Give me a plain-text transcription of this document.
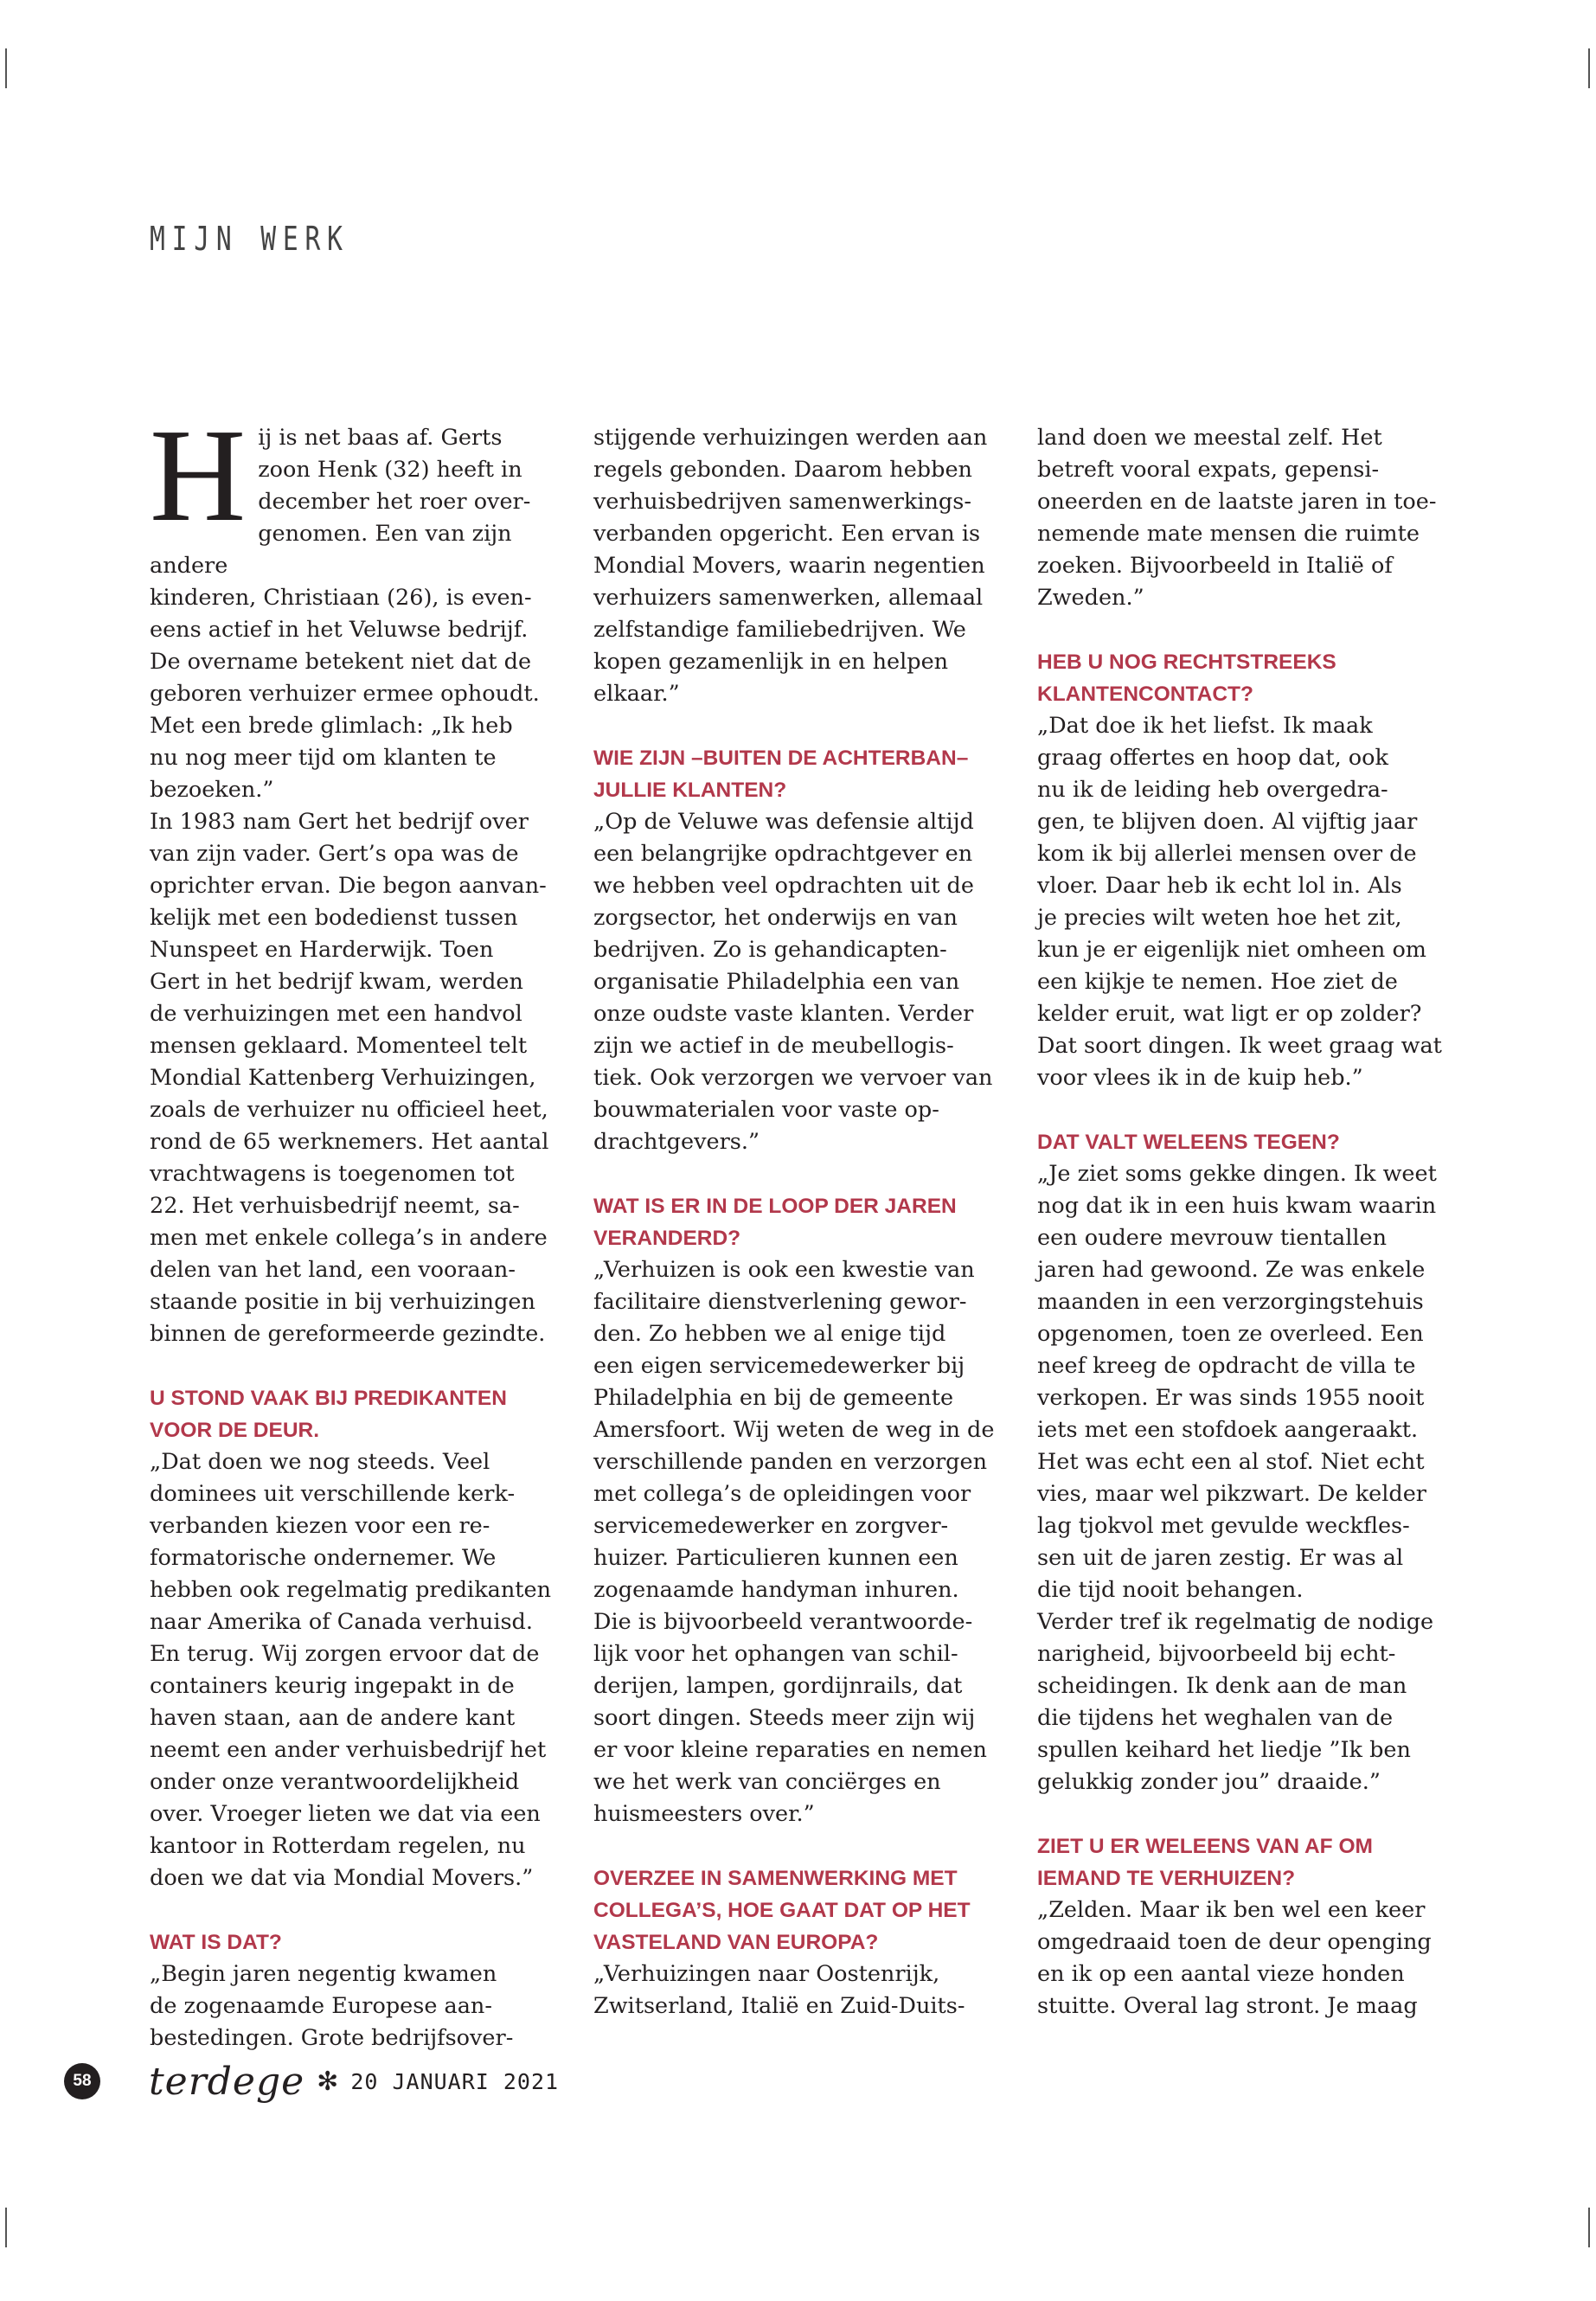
MIJN WERK
H ij is net baas af. Gerts
zoon Henk (32) heeft in
december het roer over-
genomen. Een van zijn andere
kinderen, Christiaan (26), is even-
eens actief in het Veluwse bedrijf.
De overname betekent niet dat de
geboren verhuizer ermee ophoudt.
Met een brede glimlach: „Ik heb
nu nog meer tijd om klanten te
bezoeken.”
In 1983 nam Gert het bedrijf over
van zijn vader. Gert’s opa was de
oprichter ervan. Die begon aanvan-
kelijk met een bodedienst tussen
Nunspeet en Harderwijk. Toen
Gert in het bedrijf kwam, werden
de verhuizingen met een handvol
mensen geklaard. Momenteel telt
Mondial Kattenberg Verhuizingen,
zoals de verhuizer nu officieel heet,
rond de 65 werknemers. Het aantal
vrachtwagens is toegenomen tot
22. Het verhuisbedrijf neemt, sa-
men met enkele collega’s in andere
delen van het land, een vooraan-
staande positie in bij verhuizingen
binnen de gereformeerde gezindte.

U STOND VAAK BIJ PREDIKANTEN
VOOR DE DEUR.

„Dat doen we nog steeds. Veel
dominees uit verschillende kerk-
verbanden kiezen voor een re-
formatorische ondernemer. We
hebben ook regelmatig predikanten
naar Amerika of Canada verhuisd.
En terug. Wij zorgen ervoor dat de
containers keurig ingepakt in de
haven staan, aan de andere kant
neemt een ander verhuisbedrijf het
onder onze verantwoordelijkheid
over. Vroeger lieten we dat via een
kantoor in Rotterdam regelen, nu
doen we dat via Mondial Movers.”

WAT IS DAT?

„Begin jaren negentig kwamen
de zogenaamde Europese aan-
bestedingen. Grote bedrijfsover-

stijgende verhuizingen werden aan
regels gebonden. Daarom hebben
verhuisbedrijven samenwerkings-
verbanden opgericht. Een ervan is
Mondial Movers, waarin negentien
verhuizers samenwerken, allemaal
zelfstandige familiebedrijven. We
kopen gezamenlijk in en helpen
elkaar.”

WIE ZIJN –BUITEN DE ACHTERBAN–
JULLIE KLANTEN?

„Op de Veluwe was defensie altijd
een belangrijke opdrachtgever en
we hebben veel opdrachten uit de
zorgsector, het onderwijs en van
bedrijven. Zo is gehandicapten-
organisatie Philadelphia een van
onze oudste vaste klanten. Verder
zijn we actief in de meubellogis-
tiek. Ook verzorgen we vervoer van
bouwmaterialen voor vaste op-
drachtgevers.”

WAT IS ER IN DE LOOP DER JAREN
VERANDERD?

„Verhuizen is ook een kwestie van
facilitaire dienstverlening gewor-
den. Zo hebben we al enige tijd
een eigen servicemedewerker bij
Philadelphia en bij de gemeente
Amersfoort. Wij weten de weg in de
verschillende panden en verzorgen
met collega’s de opleidingen voor
servicemedewerker en zorgver-
huizer. Particulieren kunnen een
zogenaamde handyman inhuren.
Die is bijvoorbeeld verantwoorde-
lijk voor het ophangen van schil-
derijen, lampen, gordijnrails, dat
soort dingen. Steeds meer zijn wij
er voor kleine reparaties en nemen
we het werk van conciërges en
huismeesters over.”

OVERZEE IN SAMENWERKING MET
COLLEGA’S, HOE GAAT DAT OP HET
VASTELAND VAN EUROPA?

„Verhuizingen naar Oostenrijk,
Zwitserland, Italië en Zuid-Duits-

land doen we meestal zelf. Het
betreft vooral expats, gepensi-
oneerden en de laatste jaren in toe-
nemende mate mensen die ruimte
zoeken. Bijvoorbeeld in Italië of
Zweden.”

HEB U NOG RECHTSTREEKS
KLANTENCONTACT?

„Dat doe ik het liefst. Ik maak
graag offertes en hoop dat, ook
nu ik de leiding heb overgedra-
gen, te blijven doen. Al vijftig jaar
kom ik bij allerlei mensen over de
vloer. Daar heb ik echt lol in. Als
je precies wilt weten hoe het zit,
kun je er eigenlijk niet omheen om
een kijkje te nemen. Hoe ziet de
kelder eruit, wat ligt er op zolder?
Dat soort dingen. Ik weet graag wat
voor vlees ik in de kuip heb.”

DAT VALT WELEENS TEGEN?

„Je ziet soms gekke dingen. Ik weet
nog dat ik in een huis kwam waarin
een oudere mevrouw tientallen
jaren had gewoond. Ze was enkele
maanden in een verzorgingstehuis
opgenomen, toen ze overleed. Een
neef kreeg de opdracht de villa te
verkopen. Er was sinds 1955 nooit
iets met een stofdoek aangeraakt.
Het was echt een al stof. Niet echt
vies, maar wel pikzwart. De kelder
lag tjokvol met gevulde weckfles-
sen uit de jaren zestig. Er was al
die tijd nooit behangen.
Verder tref ik regelmatig de nodige
narigheid, bijvoorbeeld bij echt-
scheidingen. Ik denk aan de man
die tijdens het weghalen van de
spullen keihard het liedje ”Ik ben
gelukkig zonder jou” draaide.”

ZIET U ER WELEENS VAN AF OM
IEMAND TE VERHUIZEN?

„Zelden. Maar ik ben wel een keer
omgedraaid toen de deur openging
en ik op een aantal vieze honden
stuitte. Overal lag stront. Je maag

58 terdege ✻ 20 JANUARI 2021
